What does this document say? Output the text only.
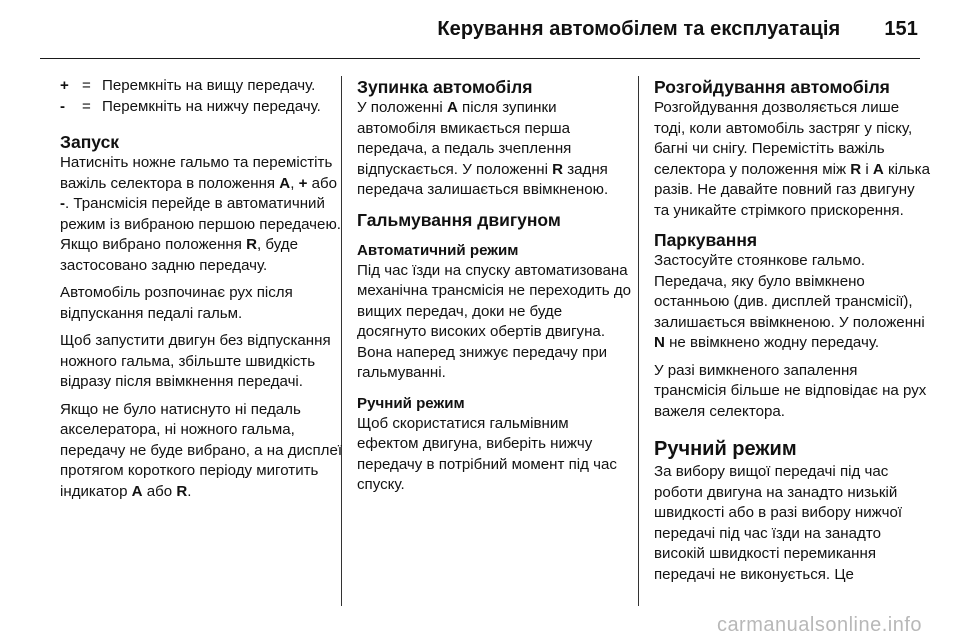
Керування автомобілем та експлуатація 151
+ = Перемкніть на вищу передачу.
-	= Перемкніть на нижчу передачу.
Запуск

Натисніть ножне гальмо та перемістіть важіль селектора в положення A, + або -. Трансмісія перейде в автоматичний режим із вибраною першою передачею. Якщо вибрано положення R, буде застосовано задню передачу.

Автомобіль розпочинає рух після відпускання педалі гальм.

Щоб запустити двигун без відпускання ножного гальма, збільште швидкість відразу після ввімкнення передачі.

Якщо не було натиснуто ні педаль акселератора, ні ножного гальма, передачу не буде вибрано, а на дисплеї протягом короткого періоду миготить індикатор A або R.

Зупинка автомобіля

У положенні A після зупинки автомобіля вмикається перша передача, а педаль зчеплення відпускається. У положенні R задня передача залишається ввімкненою.

Гальмування двигуном
Автоматичний режим

Під час їзди на спуску автоматизована механічна трансмісія не переходить до вищих передач, доки не буде досягнуто високих обертів двигуна. Вона наперед знижує передачу при гальмуванні.

Ручний режим

Щоб скористатися гальмівним ефектом двигуна, виберіть нижчу передачу в потрібний момент під час спуску.

Розгойдування автомобіля

Розгойдування дозволяється лише тоді, коли автомобіль застряг у піску, багні чи снігу. Перемістіть важіль селектора у положення між R і A кілька разів. Не давайте повний газ двигуну та уникайте стрімкого прискорення.

Паркування

Застосуйте стоянкове гальмо. Передача, яку було ввімкнено останньою (див. дисплей трансмісії), залишається ввімкненою. У положенні N не ввімкнено жодну передачу.

У разі вимкненого запалення трансмісія більше не відповідає на рух важеля селектора.

Ручний режим

За вибору вищої передачі під час роботи двигуна на занадто низькій швидкості або в разі вибору нижчої передачі під час їзди на занадто високій швидкості перемикання передачі не виконується. Це

carmanualsonline.info
